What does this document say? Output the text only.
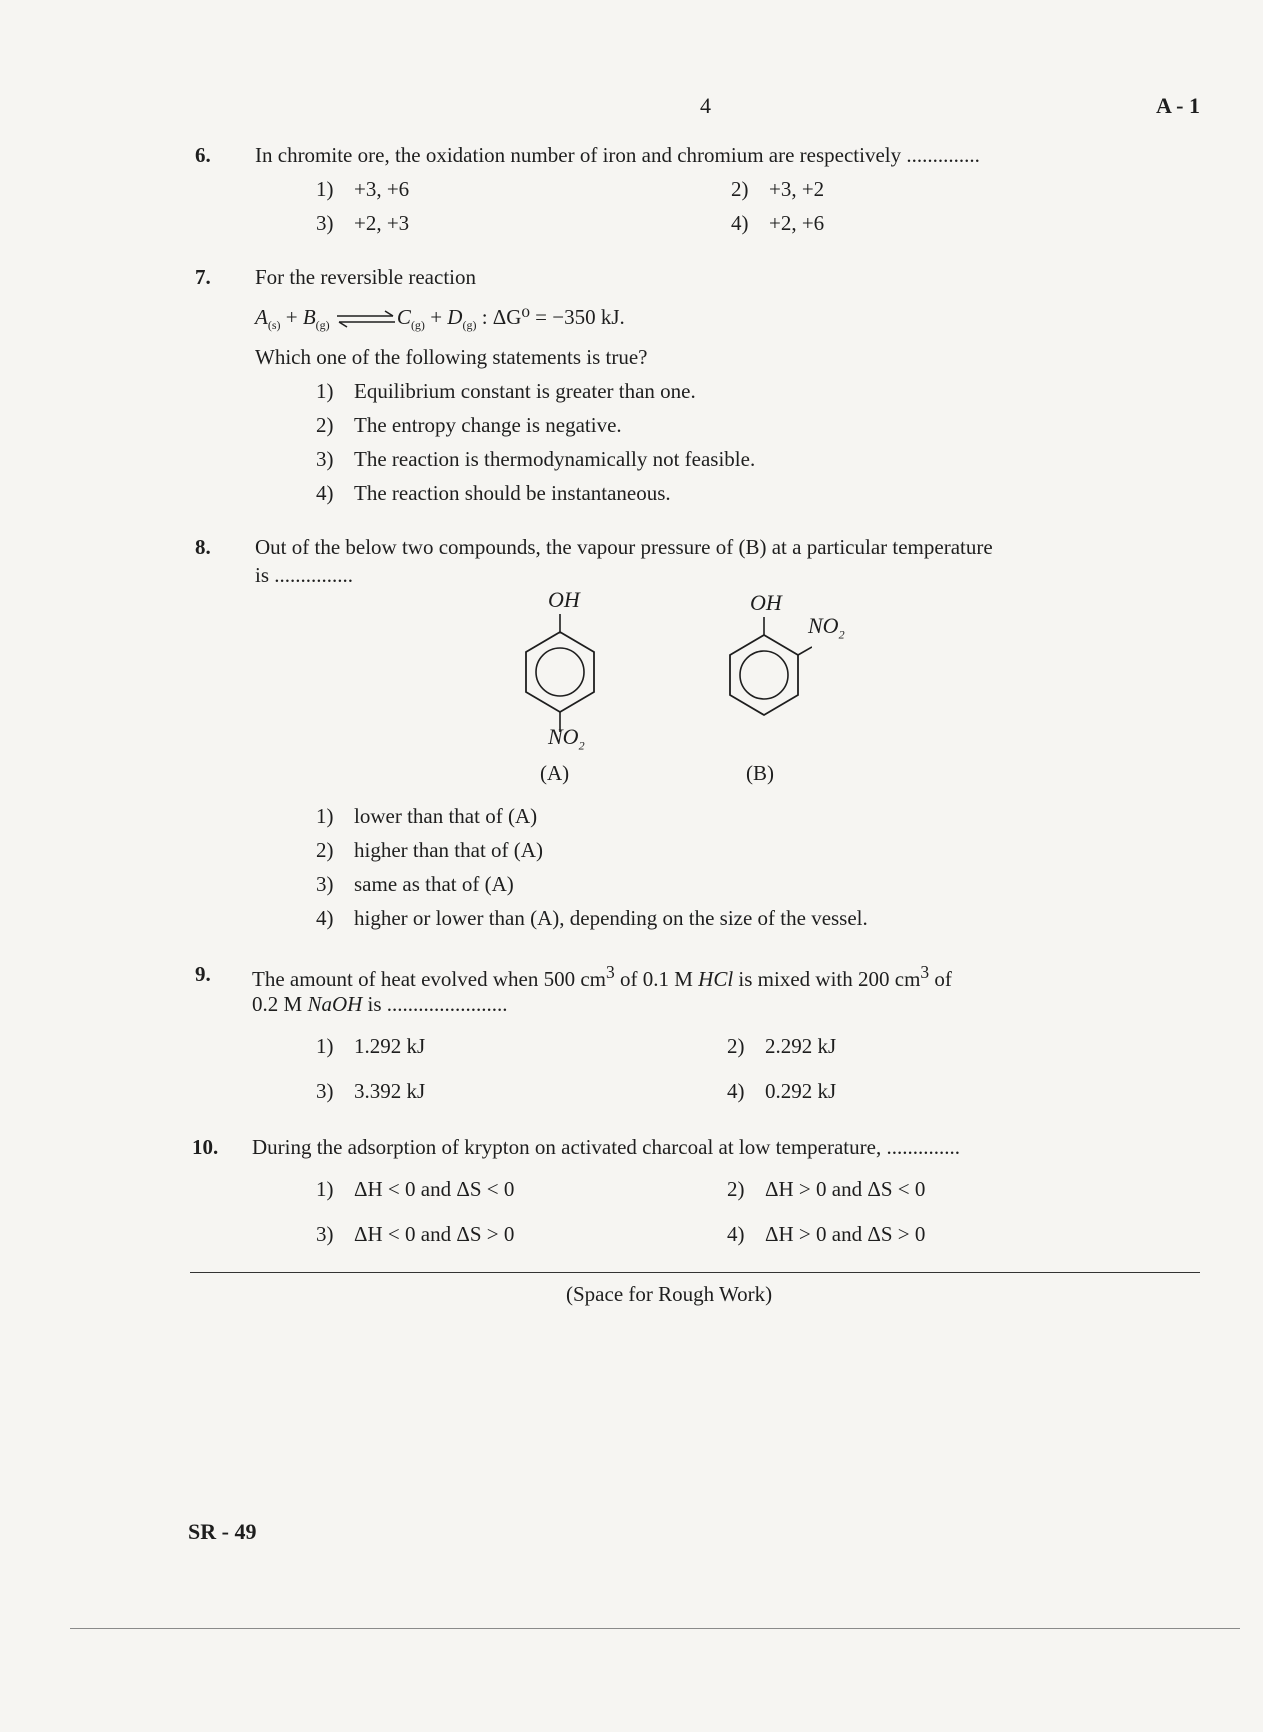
4	A - 1
6. In chromite ore, the oxidation number of iron and chromium are respectively ..............
1) +3, +6	2) +3, +2
3) +2, +3	4) +2, +6
7. For the reversible reaction
$A_{(s)} + B_{(g)}$ $\rightleftharpoons C_{(g)} + D_{(g)}$ : ΔG⁰ = −350 kJ.
Which one of the following statements is true?
1) Equilibrium constant is greater than one.
2) The entropy change is negative.
3) The reaction is thermodynamically not feasible.
4) The reaction should be instantaneous.
8. Out of the below two compounds, the vapour pressure of (B) at a particular temperature
is ...............
OH
$NO_2$
(A)
OH
$NO_2$
(B)
1) lower than that of (A)
2) higher than that of (A)
3) same as that of (A)
4) higher or lower than (A), depending on the size of the vessel.
9. The amount of heat evolved when 500 $cm^3$ of 0.1 M HCl is mixed with 200 $cm^3$ of
0.2 M NaOH is .......................
1) 1.292 kJ	2) 2.292 kJ
3) 3.392 kJ	4) 0.292 kJ
10. During the adsorption of krypton on activated charcoal at low temperature, ..............
1) ΔH < 0 and ΔS < 0	2) ΔH > 0 and ΔS < 0
3) ΔH < 0 and ΔS > 0	4) ΔH > 0 and ΔS > 0
(Space for Rough Work)
SR - 49
